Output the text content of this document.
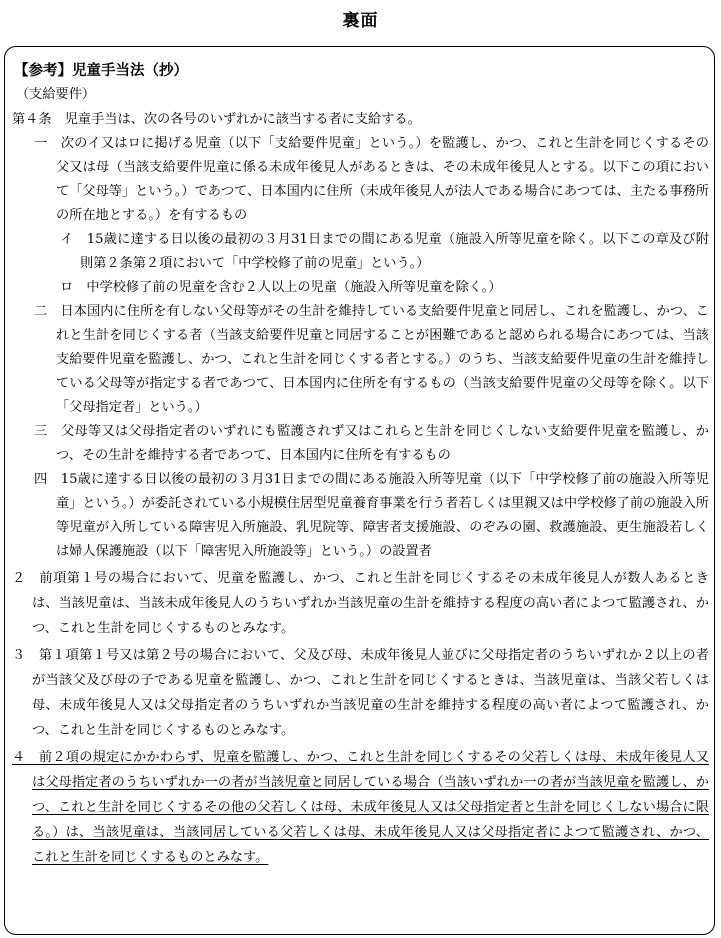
裏面
【参考】児童手当法（抄）
（支給要件）

第４条　児童手当は、次の各号のいずれかに該当する者に支給する。

一　次のイ又はロに掲げる児童（以下「支給要件児童」という。）を監護し、かつ、これと生計を同じくするその父又は母（当該支給要件児童に係る未成年後見人があるときは、その未成年後見人とする。以下この項において「父母等」という。）であつて、日本国内に住所（未成年後見人が法人である場合にあつては、主たる事務所の所在地とする。）を有するもの

イ　15歳に達する日以後の最初の３月31日までの間にある児童（施設入所等児童を除く。以下この章及び附則第２条第２項において「中学校修了前の児童」という。）

ロ　中学校修了前の児童を含む２人以上の児童（施設入所等児童を除く。）

二　日本国内に住所を有しない父母等がその生計を維持している支給要件児童と同居し、これを監護し、かつ、これと生計を同じくする者（当該支給要件児童と同居することが困難であると認められる場合にあつては、当該支給要件児童を監護し、かつ、これと生計を同じくする者とする。）のうち、当該支給要件児童の生計を維持している父母等が指定する者であつて、日本国内に住所を有するもの（当該支給要件児童の父母等を除く。以下「父母指定者」という。）

三　父母等又は父母指定者のいずれにも監護されず又はこれらと生計を同じくしない支給要件児童を監護し、かつ、その生計を維持する者であつて、日本国内に住所を有するもの

四　15歳に達する日以後の最初の３月31日までの間にある施設入所等児童（以下「中学校修了前の施設入所等児童」という。）が委託されている小規模住居型児童養育事業を行う者若しくは里親又は中学校修了前の施設入所等児童が入所している障害児入所施設、乳児院等、障害者支援施設、のぞみの園、救護施設、更生施設若しくは婦人保護施設（以下「障害児入所施設等」という。）の設置者

２　前項第１号の場合において、児童を監護し、かつ、これと生計を同じくするその未成年後見人が数人あるときは、当該児童は、当該未成年後見人のうちいずれか当該児童の生計を維持する程度の高い者によつて監護され、かつ、これと生計を同じくするものとみなす。

３　第１項第１号又は第２号の場合において、父及び母、未成年後見人並びに父母指定者のうちいずれか２以上の者が当該父及び母の子である児童を監護し、かつ、これと生計を同じくするときは、当該児童は、当該父若しくは母、未成年後見人又は父母指定者のうちいずれか当該児童の生計を維持する程度の高い者によつて監護され、かつ、これと生計を同じくするものとみなす。

４　前２項の規定にかかわらず、児童を監護し、かつ、これと生計を同じくするその父若しくは母、未成年後見人又は父母指定者のうちいずれか一の者が当該児童と同居している場合（当該いずれか一の者が当該児童を監護し、かつ、これと生計を同じくするその他の父若しくは母、未成年後見人又は父母指定者と生計を同じくしない場合に限る。）は、当該児童は、当該同居している父若しくは母、未成年後見人又は父母指定者によつて監護され、かつ、これと生計を同じくするものとみなす。
